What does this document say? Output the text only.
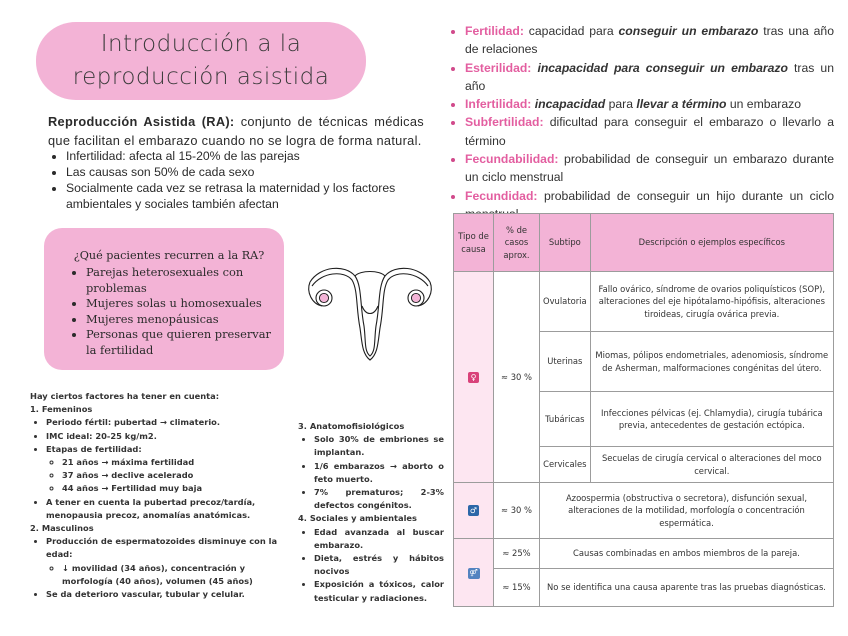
Introducción a la
reproducción asistida
Reproducción Asistida (RA): conjunto de técnicas médicas que facilitan el embarazo cuando no se logra de forma natural.
• Infertilidad: afecta al 15-20% de las parejas
• Las causas son 50% de cada sexo
• Socialmente cada vez se retrasa la maternidad y los factores ambientales y sociales también afectan
¿Qué pacientes recurren a la RA?
• Parejas heterosexuales con problemas
• Mujeres solas u homosexuales
• Mujeres menopáusicas
• Personas que quieren preservar la fertilidad
Hay ciertos factores ha tener en cuenta:
1. Femeninos
• Periodo fértil: pubertad → climaterio.
• IMC ideal: 20-25 kg/m2.
• Etapas de fertilidad:
◦ 21 años → máxima fertilidad
◦ 37 años → declive acelerado
◦ 44 años → Fertilidad muy baja
• A tener en cuenta la pubertad precoz/tardía, menopausia precoz, anomalías anatómicas.
2. Masculinos
• Producción de espermatozoides disminuye con la edad:
◦ ↓ movilidad (34 años), concentración y morfología (40 años), volumen (45 años)
• Se da deterioro vascular, tubular y celular.
3. Anatomofisiológicos
• Solo 30% de embriones se implantan.
• 1/6 embarazos → aborto o feto muerto.
• 7% prematuros; 2-3% defectos congénitos.
4. Sociales y ambientales
• Edad avanzada al buscar embarazo.
• Dieta, estrés y hábitos nocivos
• Exposición a tóxicos, calor testicular y radiaciones.
• Fertilidad: capacidad para conseguir un embarazo tras una año de relaciones
• Esterilidad: incapacidad para conseguir un embarazo tras un año
• Infertilidad: incapacidad para llevar a término un embarazo
• Subfertilidad: dificultad para conseguir el embarazo o llevarlo a término
• Fecundabilidad: probabilidad de conseguir un embarazo durante un ciclo menstrual
• Fecundidad: probabilidad de conseguir un hijo durante un ciclo
Tipo de causa	% de casos aprox.	Subtipo	Descripción o ejemplos específicos
♀	≈ 30 %	Ovulatoria	Fallo ovárico, síndrome de ovarios poliquísticos (SOP), alteraciones del eje hipótalamo-hipófisis, alteraciones tiroideas, cirugía ovárica previa.
		Uterinas	Miomas, pólipos endometriales, adenomiosis, síndrome de Asherman, malformaciones congénitas del útero.
		Tubáricas	Infecciones pélvicas (ej. Chlamydia), cirugía tubárica previa, antecedentes de gestación ectópica.
		Cervicales	Secuelas de cirugía cervical o alteraciones del moco cervical.
♂	≈ 30 %	Azoospermia (obstructiva o secretora), disfunción sexual, alteraciones de la motilidad, morfología o concentración espermática.	
⚤	≈ 25%	Causas combinadas en ambos miembros de la pareja.	
	≈ 15%	No se identifica una causa aparente tras las pruebas diagnósticas.	
